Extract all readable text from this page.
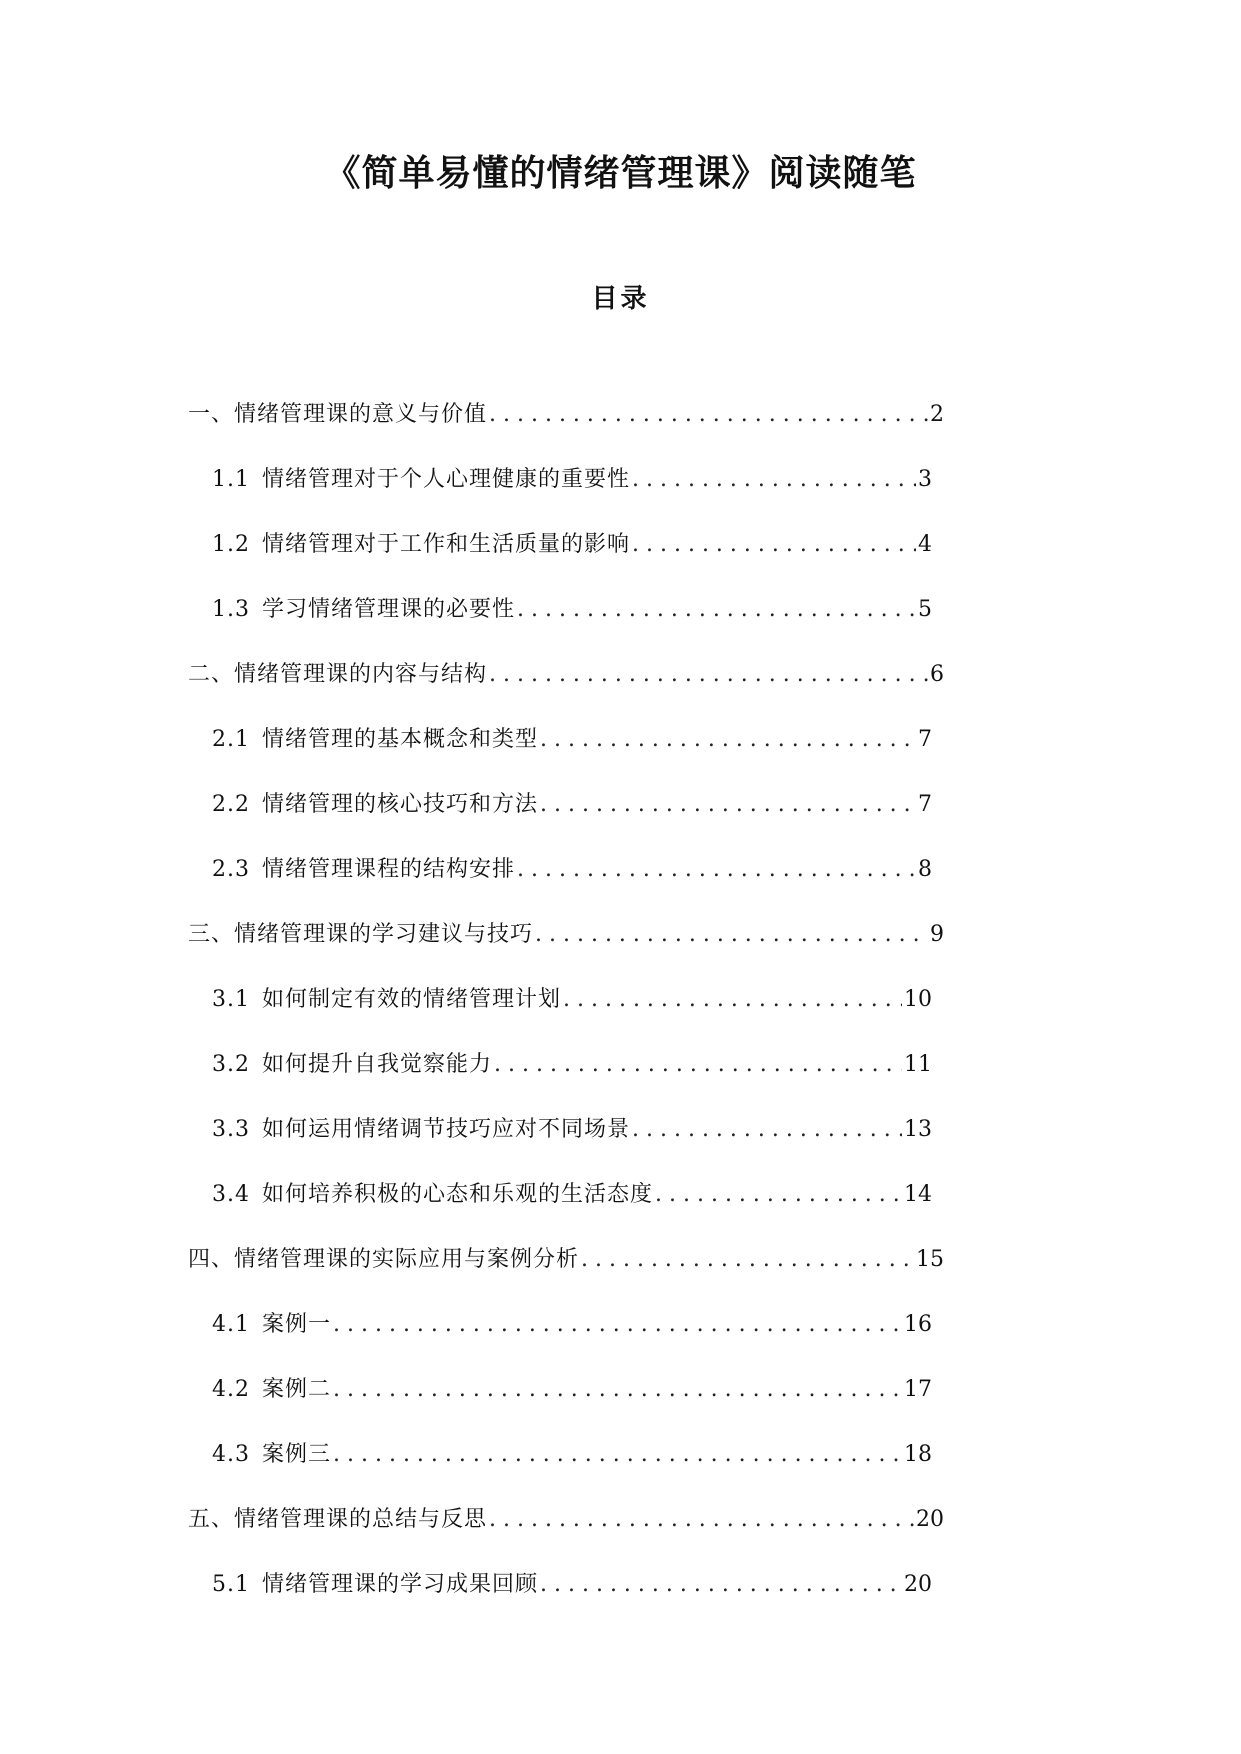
《简单易懂的情绪管理课》阅读随笔
目录
一、情绪管理课的意义与价值 . . .	2
1.1 情绪管理对于个人心理健康的重要性 . . .	3
1.2 情绪管理对于工作和生活质量的影响 . . .	4
1.3 学习情绪管理课的必要性 . . .	5
二、情绪管理课的内容与结构 . . .	6
2.1 情绪管理的基本概念和类型 . . .	7
2.2 情绪管理的核心技巧和方法 . . .	7
2.3 情绪管理课程的结构安排 . . .	8
三、情绪管理课的学习建议与技巧 . . .	9
3.1 如何制定有效的情绪管理计划 . . .	10
3.2 如何提升自我觉察能力 . . .	11
3.3 如何运用情绪调节技巧应对不同场景 . . .	13
3.4 如何培养积极的心态和乐观的生活态度 . . .	14
四、情绪管理课的实际应用与案例分析 . . .	15
4.1 案例一 . . .	16
4.2 案例二 . . .	17
4.3 案例三 . . .	18
五、情绪管理课的总结与反思 . . .	20
5.1 情绪管理课的学习成果回顾 . . .	20
